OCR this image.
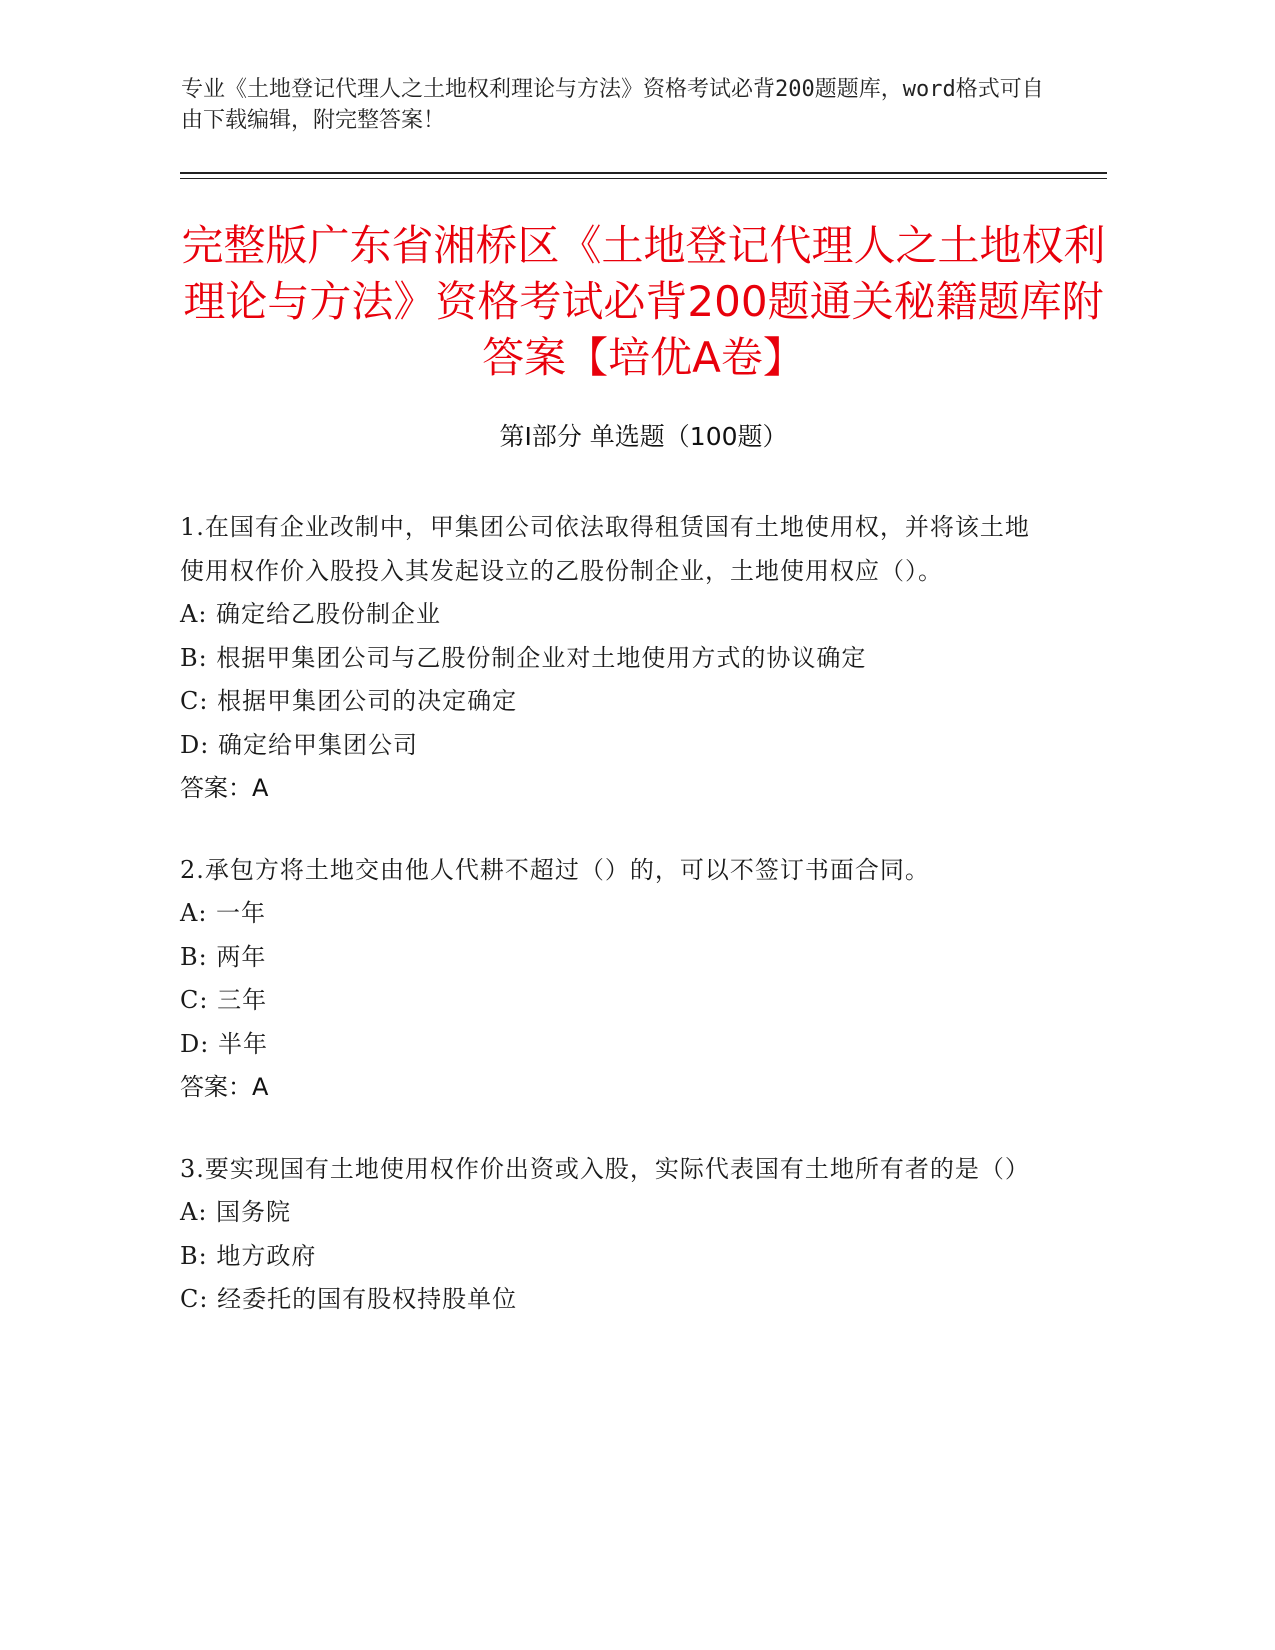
专业《土地登记代理人之土地权利理论与方法》资格考试必背200题题库，word格式可自由下载编辑，附完整答案！
完整版广东省湘桥区《土地登记代理人之土地权利理论与方法》资格考试必背200题通关秘籍题库附答案【培优A卷】
第Ⅰ部分 单选题（100题）

1.在国有企业改制中，甲集团公司依法取得租赁国有土地使用权，并将该土地使用权作价入股投入其发起设立的乙股份制企业，土地使用权应（）。

A: 确定给乙股份制企业

B: 根据甲集团公司与乙股份制企业对土地使用方式的协议确定

C: 根据甲集团公司的决定确定

D: 确定给甲集团公司

答案：A

2.承包方将土地交由他人代耕不超过（）的，可以不签订书面合同。

A: 一年

B: 两年

C: 三年

D: 半年

答案：A

3.要实现国有土地使用权作价出资或入股，实际代表国有土地所有者的是（）

A: 国务院

B: 地方政府

C: 经委托的国有股权持股单位
